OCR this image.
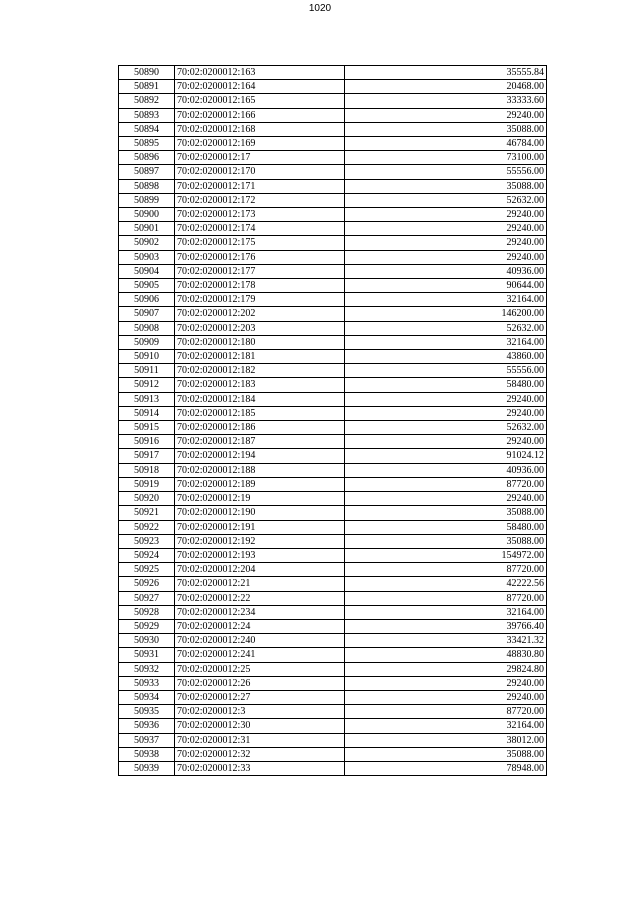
1020
50890	70:02:0200012:163	35555.84
50891	70:02:0200012:164	20468.00
50892	70:02:0200012:165	33333.60
50893	70:02:0200012:166	29240.00
50894	70:02:0200012:168	35088.00
50895	70:02:0200012:169	46784.00
50896	70:02:0200012:17	73100.00
50897	70:02:0200012:170	55556.00
50898	70:02:0200012:171	35088.00
50899	70:02:0200012:172	52632.00
50900	70:02:0200012:173	29240.00
50901	70:02:0200012:174	29240.00
50902	70:02:0200012:175	29240.00
50903	70:02:0200012:176	29240.00
50904	70:02:0200012:177	40936.00
50905	70:02:0200012:178	90644.00
50906	70:02:0200012:179	32164.00
50907	70:02:0200012:202	146200.00
50908	70:02:0200012:203	52632.00
50909	70:02:0200012:180	32164.00
50910	70:02:0200012:181	43860.00
50911	70:02:0200012:182	55556.00
50912	70:02:0200012:183	58480.00
50913	70:02:0200012:184	29240.00
50914	70:02:0200012:185	29240.00
50915	70:02:0200012:186	52632.00
50916	70:02:0200012:187	29240.00
50917	70:02:0200012:194	91024.12
50918	70:02:0200012:188	40936.00
50919	70:02:0200012:189	87720.00
50920	70:02:0200012:19	29240.00
50921	70:02:0200012:190	35088.00
50922	70:02:0200012:191	58480.00
50923	70:02:0200012:192	35088.00
50924	70:02:0200012:193	154972.00
50925	70:02:0200012:204	87720.00
50926	70:02:0200012:21	42222.56
50927	70:02:0200012:22	87720.00
50928	70:02:0200012:234	32164.00
50929	70:02:0200012:24	39766.40
50930	70:02:0200012:240	33421.32
50931	70:02:0200012:241	48830.80
50932	70:02:0200012:25	29824.80
50933	70:02:0200012:26	29240.00
50934	70:02:0200012:27	29240.00
50935	70:02:0200012:3	87720.00
50936	70:02:0200012:30	32164.00
50937	70:02:0200012:31	38012.00
50938	70:02:0200012:32	35088.00
50939	70:02:0200012:33	78948.00
